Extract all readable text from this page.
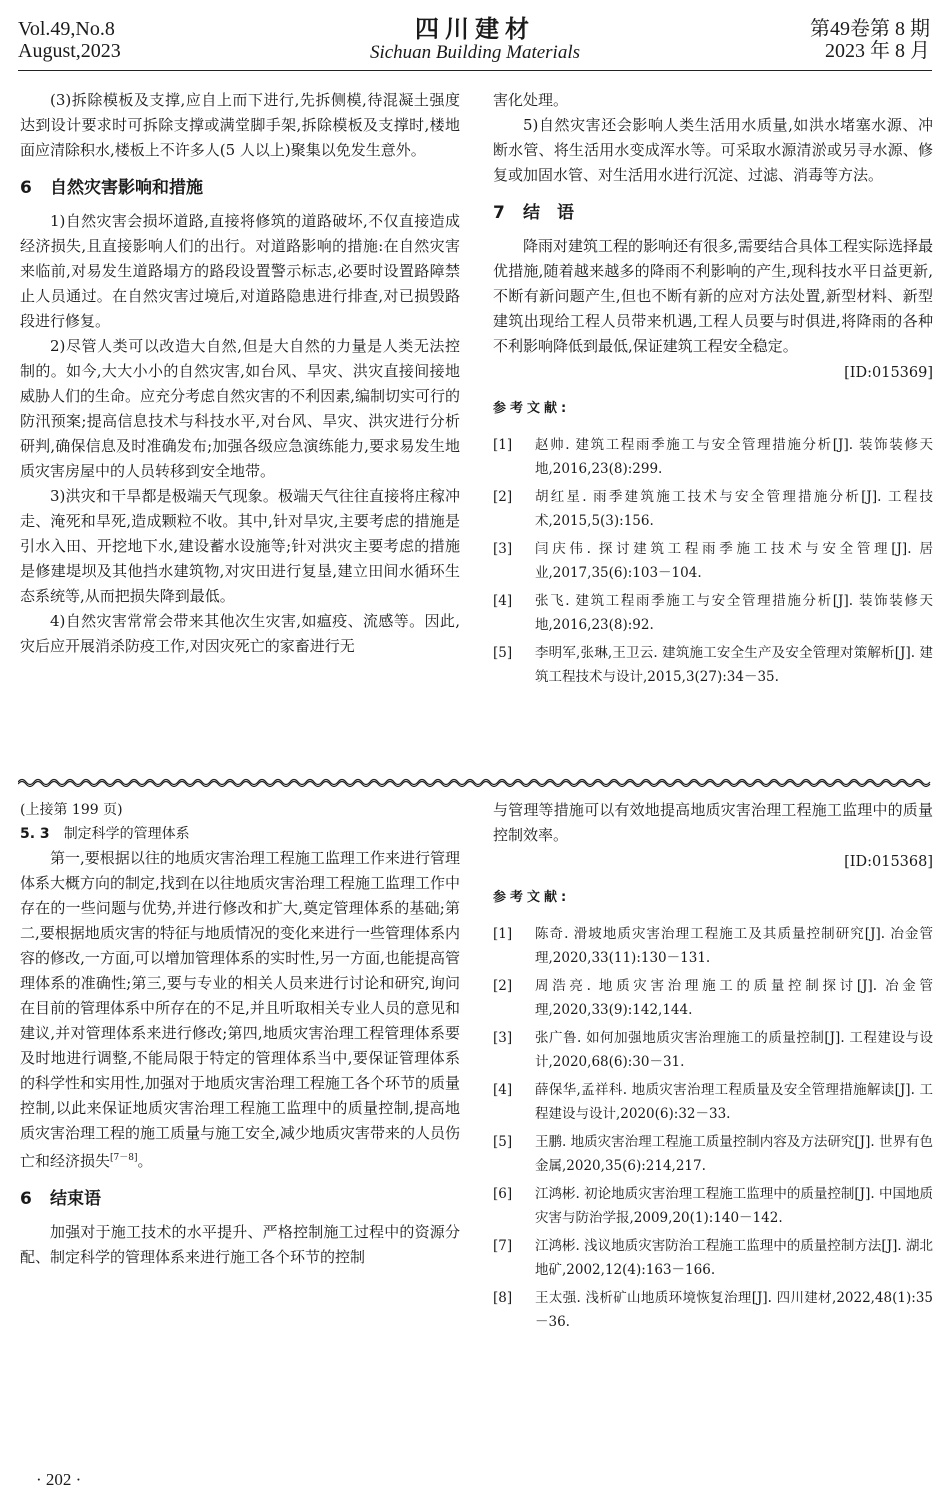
Vol.49,No.8
August,2023
四川建材
Sichuan Building Materials
第49卷第 8 期
2023 年 8 月

(3)拆除模板及支撑,应自上而下进行,先拆侧模,待混凝土强度达到设计要求时可拆除支撑或满堂脚手架,拆除模板及支撑时,楼地面应清除积水,楼板上不许多人(5 人以上)聚集以免发生意外。

6 自然灾害影响和措施

1)自然灾害会损坏道路,直接将修筑的道路破坏,不仅直接造成经济损失,且直接影响人们的出行。对道路影响的措施:在自然灾害来临前,对易发生道路塌方的路段设置警示标志,必要时设置路障禁止人员通过。在自然灾害过境后,对道路隐患进行排查,对已损毁路段进行修复。

2)尽管人类可以改造大自然,但是大自然的力量是人类无法控制的。如今,大大小小的自然灾害,如台风、旱灾、洪灾直接间接地威胁人们的生命。应充分考虑自然灾害的不利因素,编制切实可行的防汛预案;提高信息技术与科技水平,对台风、旱灾、洪灾进行分析研判,确保信息及时准确发布;加强各级应急演练能力,要求易发生地质灾害房屋中的人员转移到安全地带。

3)洪灾和干旱都是极端天气现象。极端天气往往直接将庄稼冲走、淹死和旱死,造成颗粒不收。其中,针对旱灾,主要考虑的措施是引水入田、开挖地下水,建设蓄水设施等;针对洪灾主要考虑的措施是修建堤坝及其他挡水建筑物,对灾田进行复垦,建立田间水循环生态系统等,从而把损失降到最低。

4)自然灾害常常会带来其他次生灾害,如瘟疫、流感等。因此,灾后应开展消杀防疫工作,对因灾死亡的家畜进行无

害化处理。

5)自然灾害还会影响人类生活用水质量,如洪水堵塞水源、冲断水管、将生活用水变成浑水等。可采取水源清淤或另寻水源、修复或加固水管、对生活用水进行沉淀、过滤、消毒等方法。

7 结　语

降雨对建筑工程的影响还有很多,需要结合具体工程实际选择最优措施,随着越来越多的降雨不利影响的产生,现科技水平日益更新,不断有新问题产生,但也不断有新的应对方法处置,新型材料、新型建筑出现给工程人员带来机遇,工程人员要与时俱进,将降雨的各种不利影响降低到最低,保证建筑工程安全稳定。

[ID:015369]
参考文献:
[1] 赵帅. 建筑工程雨季施工与安全管理措施分析[J]. 装饰装修天地,2016,23(8):299.
[2] 胡红星. 雨季建筑施工技术与安全管理措施分析[J]. 工程技术,2015,5(3):156.
[3] 闫庆伟. 探讨建筑工程雨季施工技术与安全管理[J]. 居业,2017,35(6):103－104.
[4] 张飞. 建筑工程雨季施工与安全管理措施分析[J]. 装饰装修天地,2016,23(8):92.
[5] 李明军,张琳,王卫云. 建筑施工安全生产及安全管理对策解析[J]. 建筑工程技术与设计,2015,3(27):34－35.
(上接第 199 页)
5. 3 制定科学的管理体系

第一,要根据以往的地质灾害治理工程施工监理工作来进行管理体系大概方向的制定,找到在以往地质灾害治理工程施工监理工作中存在的一些问题与优势,并进行修改和扩大,奠定管理体系的基础;第二,要根据地质灾害的特征与地质情况的变化来进行一些管理体系内容的修改,一方面,可以增加管理体系的实时性,另一方面,也能提高管理体系的准确性;第三,要与专业的相关人员来进行讨论和研究,询问在目前的管理体系中所存在的不足,并且听取相关专业人员的意见和建议,并对管理体系来进行修改;第四,地质灾害治理工程管理体系要及时地进行调整,不能局限于特定的管理体系当中,要保证管理体系的科学性和实用性,加强对于地质灾害治理工程施工各个环节的质量控制,以此来保证地质灾害治理工程施工监理中的质量控制,提高地质灾害治理工程的施工质量与施工安全,减少地质灾害带来的人员伤亡和经济损失[7－8]。

6 结束语

加强对于施工技术的水平提升、严格控制施工过程中的资源分配、制定科学的管理体系来进行施工各个环节的控制

与管理等措施可以有效地提高地质灾害治理工程施工监理中的质量控制效率。

[ID:015368]
参考文献:
[1] 陈奇. 滑坡地质灾害治理工程施工及其质量控制研究[J]. 冶金管理,2020,33(11):130－131.
[2] 周浩亮. 地质灾害治理施工的质量控制探讨[J]. 冶金管理,2020,33(9):142,144.
[3] 张广鲁. 如何加强地质灾害治理施工的质量控制[J]. 工程建设与设计,2020,68(6):30－31.
[4] 薛保华,孟祥科. 地质灾害治理工程质量及安全管理措施解读[J]. 工程建设与设计,2020(6):32－33.
[5] 王鹏. 地质灾害治理工程施工质量控制内容及方法研究[J]. 世界有色金属,2020,35(6):214,217.
[6] 江鸿彬. 初论地质灾害治理工程施工监理中的质量控制[J]. 中国地质灾害与防治学报,2009,20(1):140－142.
[7] 江鸿彬. 浅议地质灾害防治工程施工监理中的质量控制方法[J]. 湖北地矿,2002,12(4):163－166.
[8] 王太强. 浅析矿山地质环境恢复治理[J]. 四川建材,2022,48(1):35－36.
· 202 ·
